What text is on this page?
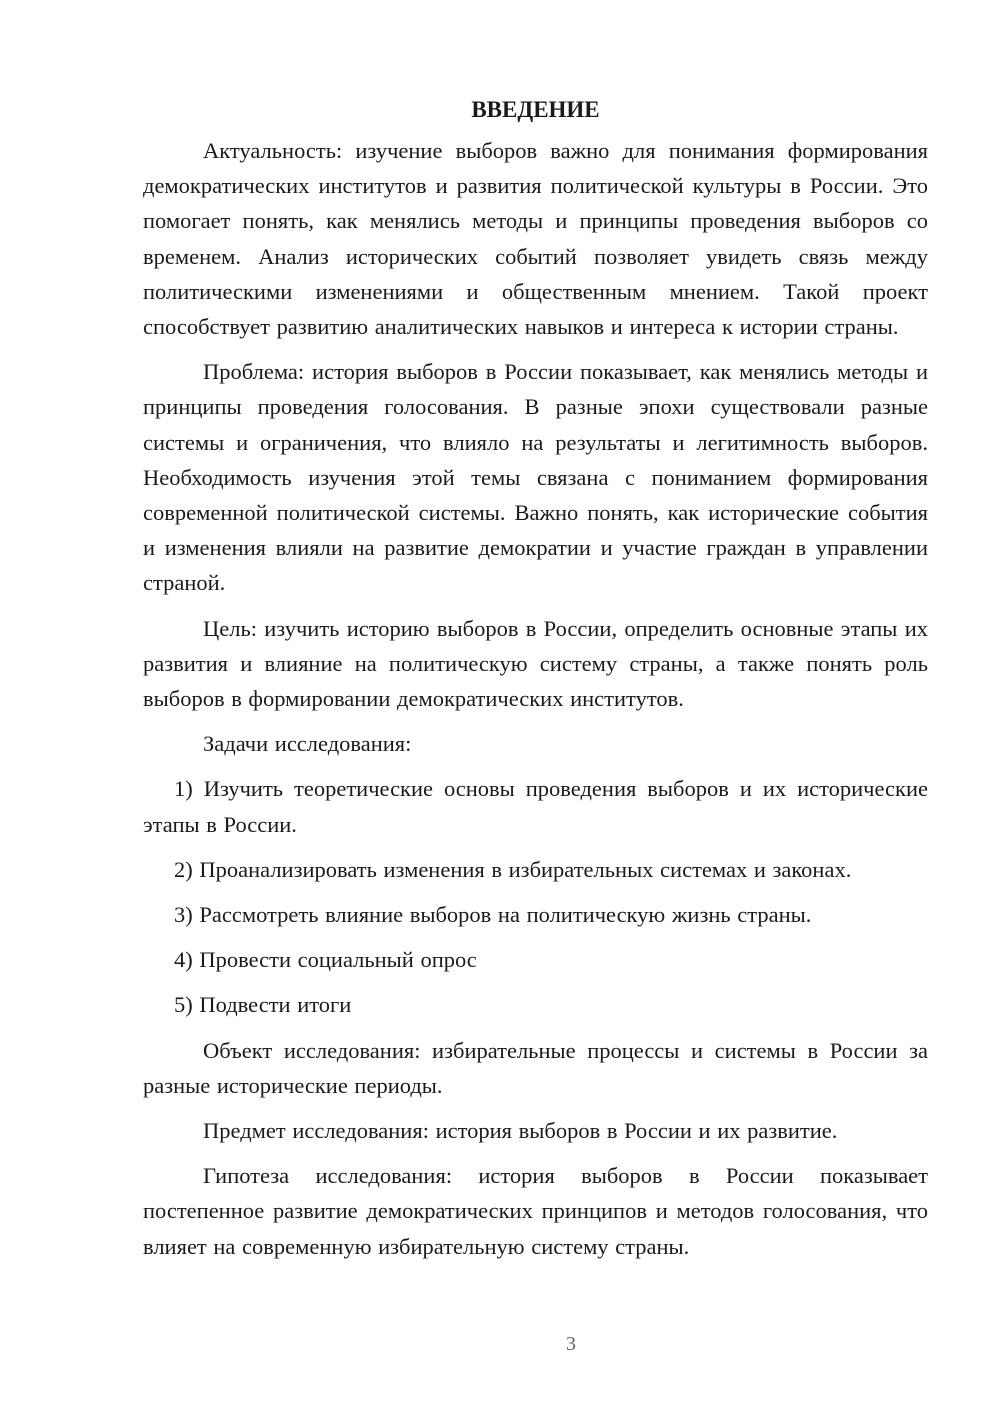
ВВЕДЕНИЕ

Актуальность: изучение выборов важно для понимания формирования демократических институтов и развития политической культуры в России. Это помогает понять, как менялись методы и принципы проведения выборов со временем. Анализ исторических событий позволяет увидеть связь между политическими изменениями и общественным мнением. Такой проект способствует развитию аналитических навыков и интереса к истории страны.

Проблема: история выборов в России показывает, как менялись методы и принципы проведения голосования. В разные эпохи существовали разные системы и ограничения, что влияло на результаты и легитимность выборов. Необходимость изучения этой темы связана с пониманием формирования современной политической системы. Важно понять, как исторические события и изменения влияли на развитие демократии и участие граждан в управлении страной.

Цель: изучить историю выборов в России, определить основные этапы их развития и влияние на политическую систему страны, а также понять роль выборов в формировании демократических институтов.

Задачи исследования:

1) Изучить теоретические основы проведения выборов и их исторические этапы в России.

2) Проанализировать изменения в избирательных системах и законах.

3) Рассмотреть влияние выборов на политическую жизнь страны.

4) Провести социальный опрос

5) Подвести итоги

Объект исследования: избирательные процессы и системы в России за разные исторические периоды.

Предмет исследования: история выборов в России и их развитие.

Гипотеза исследования: история выборов в России показывает постепенное развитие демократических принципов и методов голосования, что влияет на современную избирательную систему страны.

3
